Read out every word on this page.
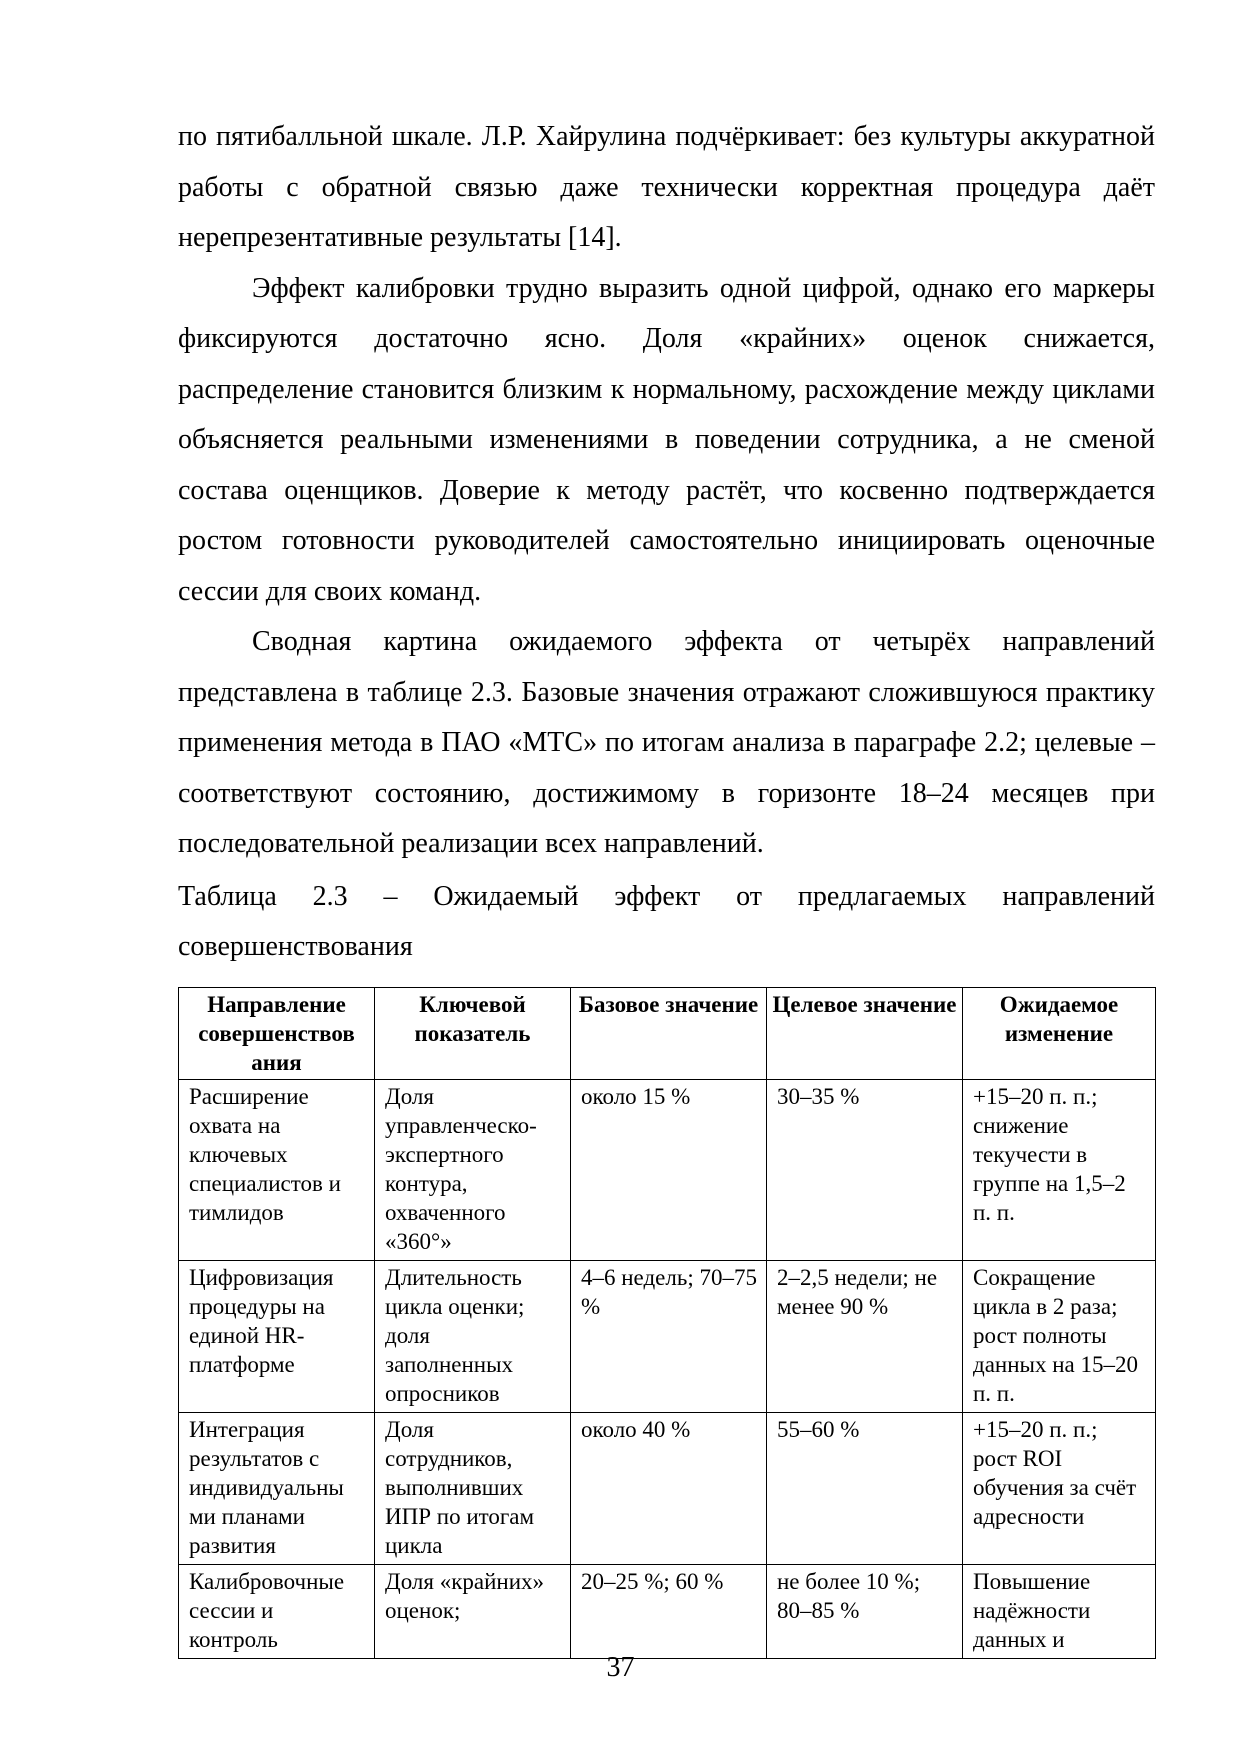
по пятибалльной шкале. Л.Р. Хайрулина подчёркивает: без культуры аккуратной работы с обратной связью даже технически корректная процедура даёт нерепрезентативные результаты [14].

Эффект калибровки трудно выразить одной цифрой, однако его маркеры фиксируются достаточно ясно. Доля «крайних» оценок снижается, распределение становится близким к нормальному, расхождение между циклами объясняется реальными изменениями в поведении сотрудника, а не сменой состава оценщиков. Доверие к методу растёт, что косвенно подтверждается ростом готовности руководителей самостоятельно инициировать оценочные сессии для своих команд.

Сводная картина ожидаемого эффекта от четырёх направлений представлена в таблице 2.3. Базовые значения отражают сложившуюся практику применения метода в ПАО «МТС» по итогам анализа в параграфе 2.2; целевые – соответствуют состоянию, достижимому в горизонте 18–24 месяцев при последовательной реализации всех направлений.

Таблица 2.3 – Ожидаемый эффект от предлагаемых направлений совершенствования

Направление совершенствов ания	Ключевой показатель	Базовое значение	Целевое значение	Ожидаемое изменение
Расширение охвата на ключевых специалистов и тимлидов	Доля управленческо-экспертного контура, охваченного «360°»	около 15 %	30–35 %	+15–20 п. п.; снижение текучести в группе на 1,5–2 п. п.
Цифровизация процедуры на единой HR-платформе	Длительность цикла оценки; доля заполненных опросников	4–6 недель; 70–75 %	2–2,5 недели; не менее 90 %	Сокращение цикла в 2 раза; рост полноты данных на 15–20 п. п.
Интеграция результатов с индивидуальны ми планами развития	Доля сотрудников, выполнивших ИПР по итогам цикла	около 40 %	55–60 %	+15–20 п. п.; рост ROI обучения за счёт адресности
Калибровочные сессии и контроль	Доля «крайних» оценок;	20–25 %; 60 %	не более 10 %; 80–85 %	Повышение надёжности данных и
37
